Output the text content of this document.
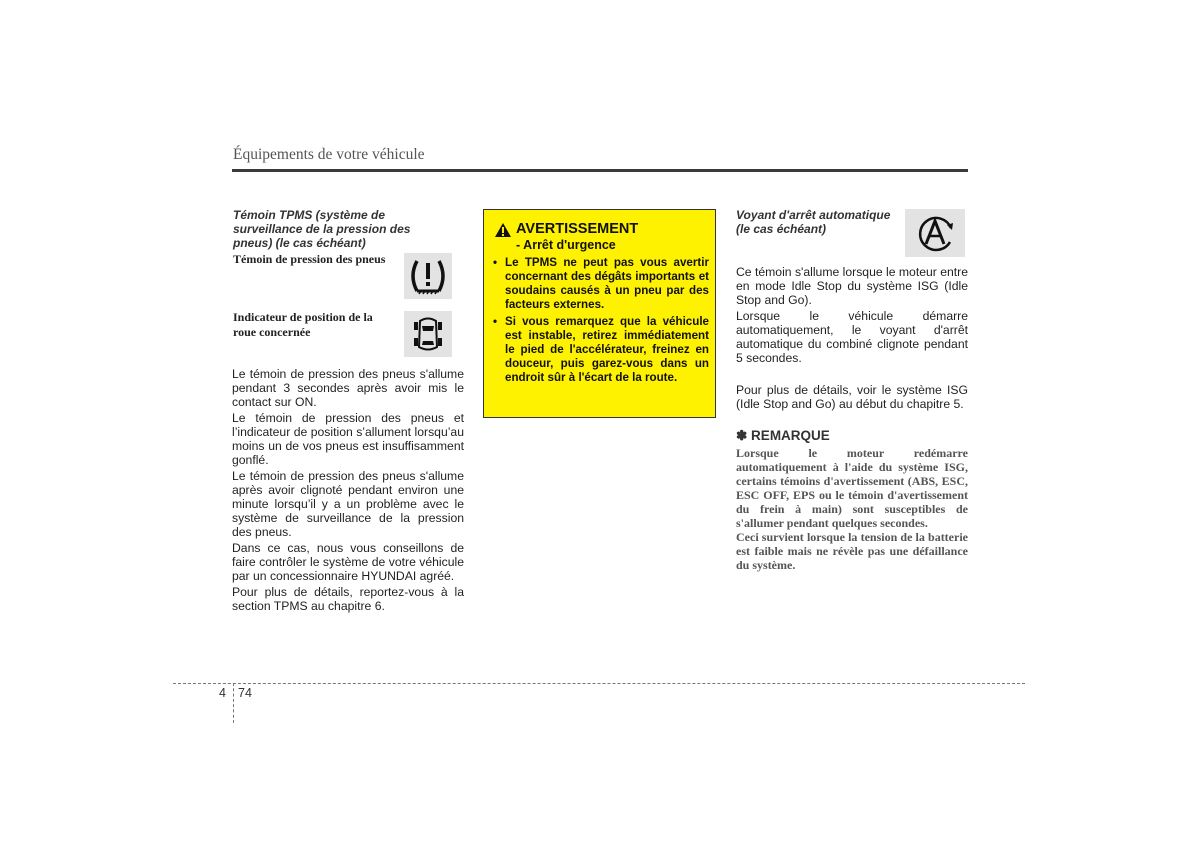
Équipements de votre véhicule
Témoin TPMS (système de surveillance de la pression des pneus) (le cas échéant)
Témoin de pression des pneus
Indicateur de position de la roue concernée

Le témoin de pression des pneus s'allume pendant 3 secondes après avoir mis le contact sur ON.

Le témoin de pression des pneus et l’indicateur de position s’allument lorsqu’au moins un de vos pneus est insuffisamment gonflé.

Le témoin de pression des pneus s'allume après avoir clignoté pendant environ une minute lorsqu’il y a un problème avec le système de surveillance de la pression des pneus.

Dans ce cas, nous vous conseillons de faire contrôler le système de votre véhicule par un concessionnaire HYUNDAI agréé.

Pour plus de détails, reportez-vous à la section TPMS au chapitre 6.

AVERTISSEMENT
- Arrêt d'urgence
• Le TPMS ne peut pas vous avertir concernant des dégâts importants et soudains causés à un pneu par des facteurs externes.
• Si vous remarquez que la véhicule est instable, retirez immédiatement le pied de l'accélérateur, freinez en douceur, puis garez-vous dans un endroit sûr à l'écart de la route.
Voyant d'arrêt automatique (le cas échéant)

Ce témoin s'allume lorsque le moteur entre en mode Idle Stop du système ISG (Idle Stop and Go).

Lorsque le véhicule démarre automatiquement, le voyant d'arrêt automatique du combiné clignote pendant 5 secondes.

Pour plus de détails, voir le système ISG (Idle Stop and Go) au début du chapitre 5.
✽ REMARQUE

Lorsque le moteur redémarre automatiquement à l'aide du système ISG, certains témoins d'avertissement (ABS, ESC, ESC OFF, EPS ou le témoin d'avertissement du frein à main) sont susceptibles de s'allumer pendant quelques secondes.

Ceci survient lorsque la tension de la batterie est faible mais ne révèle pas une défaillance du système.

4 74
